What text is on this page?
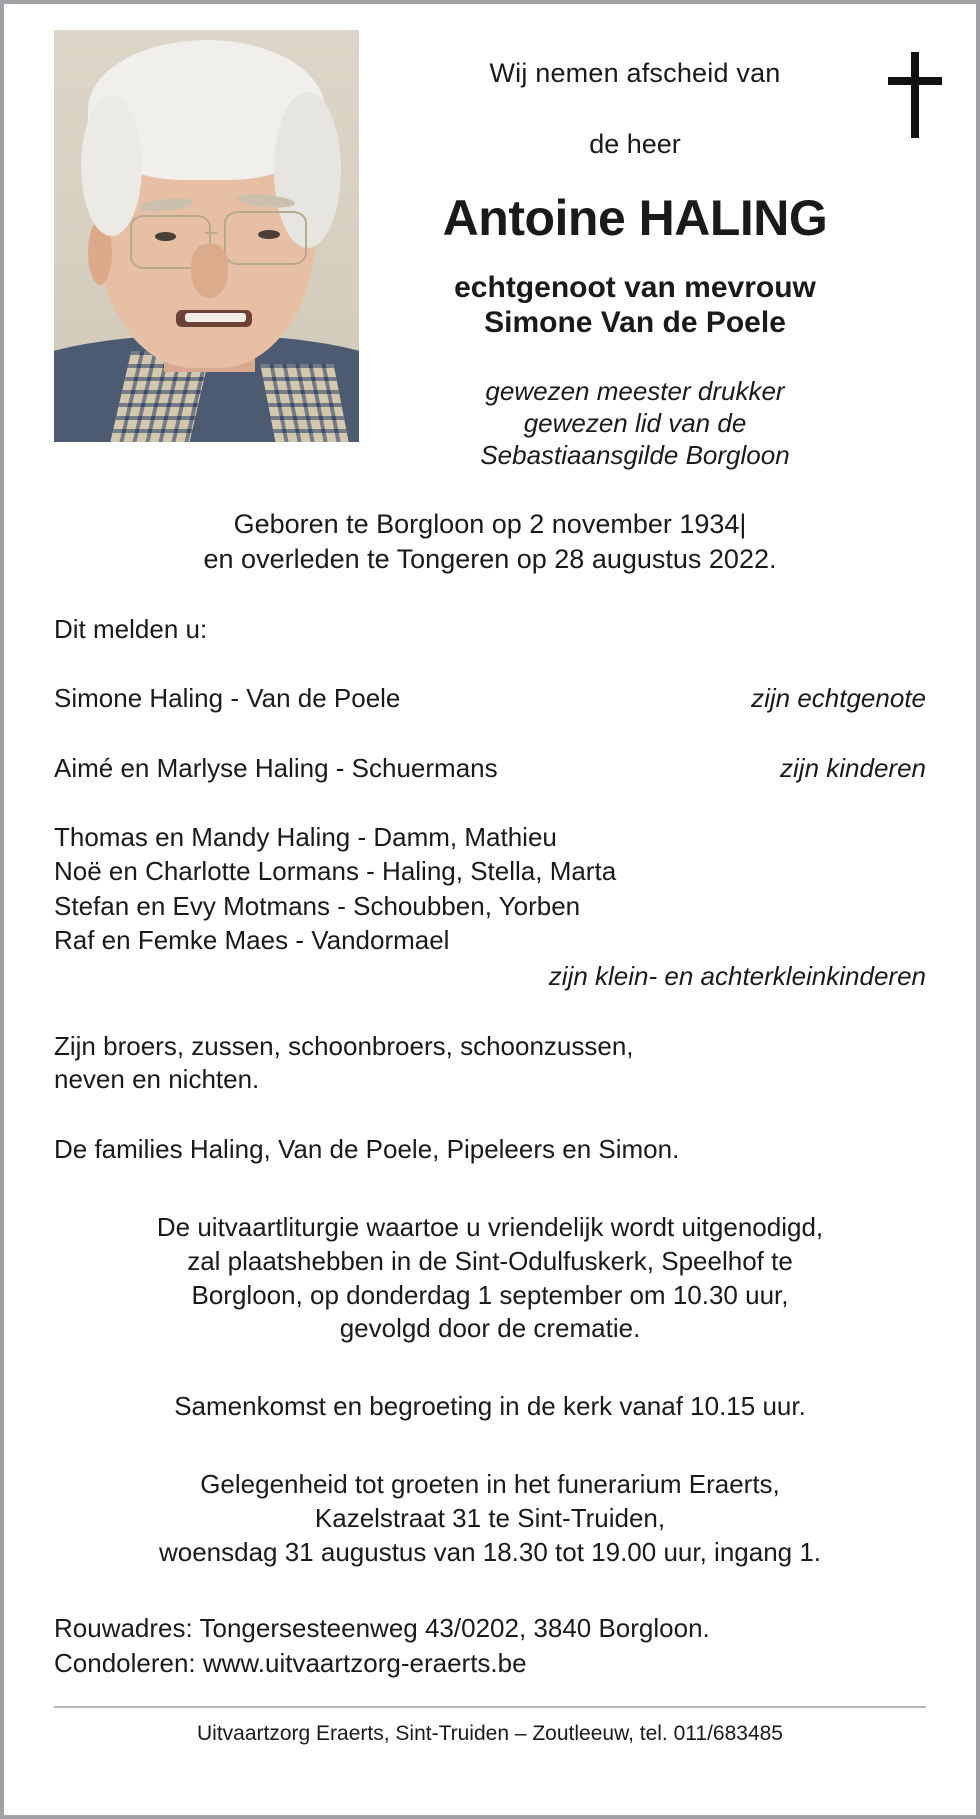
Wij nemen afscheid van
de heer
Antoine HALING
echtgenoot van mevrouw
Simone Van de Poele
gewezen meester drukker
gewezen lid van de
Sebastiaansgilde Borgloon
Geboren te Borgloon op 2 november 1934|
en overleden te Tongeren op 28 augustus 2022.
Dit melden u:
Simone Haling - Van de Poele	zijn echtgenote
Aimé en Marlyse Haling - Schuermans	zijn kinderen
Thomas en Mandy Haling - Damm, Mathieu
Noë en Charlotte Lormans - Haling, Stella, Marta
Stefan en Evy Motmans - Schoubben, Yorben
Raf en Femke Maes - Vandormael
zijn klein- en achterkleinkinderen
Zijn broers, zussen, schoonbroers, schoonzussen,
neven en nichten.
De families Haling, Van de Poele, Pipeleers en Simon.
De uitvaartliturgie waartoe u vriendelijk wordt uitgenodigd,
zal plaatshebben in de Sint-Odulfuskerk, Speelhof te
Borgloon, op donderdag 1 september om 10.30 uur,
gevolgd door de crematie.
Samenkomst en begroeting in de kerk vanaf 10.15 uur.
Gelegenheid tot groeten in het funerarium Eraerts,
Kazelstraat 31 te Sint-Truiden,
woensdag 31 augustus van 18.30 tot 19.00 uur, ingang 1.
Rouwadres: Tongersesteenweg 43/0202, 3840 Borgloon.
Condoleren: www.uitvaartzorg-eraerts.be
Uitvaartzorg Eraerts, Sint-Truiden – Zoutleeuw, tel. 011/683485
